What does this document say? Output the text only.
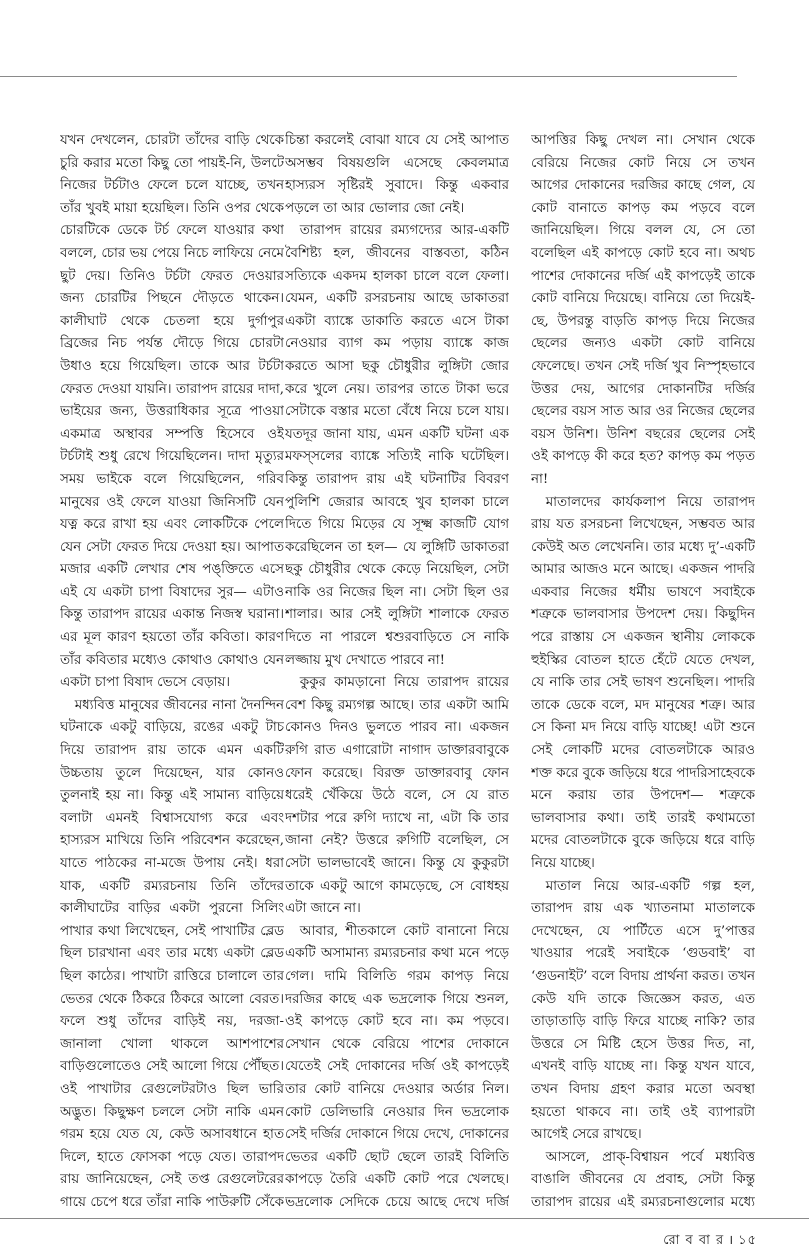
যখন দেখলেন, চোরটা তাঁদের বাড়ি থেকে চুরি করার মতো কিছু তো পায়ই-নি, উলটে নিজের টর্চটাও ফেলে চলে যাচ্ছে, তখন তাঁর খুবই মায়া হয়েছিল। তিনি ওপর থেকে চোরটিকে ডেকে টর্চ ফেলে যাওয়ার কথা বললে, চোর ভয় পেয়ে নিচে লাফিয়ে নেমে ছুট দেয়। তিনিও টর্চটা ফেরত দেওয়ার জন্য চোরটির পিছনে দৌড়তে থাকেন। কালীঘাট থেকে চেতলা হয়ে দুর্গাপুর ব্রিজের নিচ পর্যন্ত দৌড়ে গিয়ে চোরটা উধাও হয়ে গিয়েছিল। তাকে আর টর্চটা ফেরত দেওয়া যায়নি। তারাপদ রায়ের দাদা, ভাইয়ের জন্য, উত্তরাধিকার সূত্রে পাওয়া একমাত্র অস্থাবর সম্পত্তি হিসেবে ওই টর্চটাই শুধু রেখে গিয়েছিলেন। দাদা মৃত্যুর সময় ভাইকে বলে গিয়েছিলেন, গরিব মানুষের ওই ফেলে যাওয়া জিনিসটি যেন যত্ন করে রাখা হয় এবং লোকটিকে পেলে যেন সেটা ফেরত দিয়ে দেওয়া হয়। আপাত মজার একটি লেখার শেষ পঙ্‌ক্তিতে এসে এই যে একটা চাপা বিষাদের সুর— এটাও কিন্তু তারাপদ রায়ের একান্ত নিজস্ব ঘরানা। এর মূল কারণ হয়তো তাঁর কবিতা। কারণ তাঁর কবিতার মধ্যেও কোথাও কোথাও যেন একটা চাপা বিষাদ ভেসে বেড়ায়।

মধ্যবিত্ত মানুষের জীবনের নানা দৈনন্দিন ঘটনাকে একটু বাড়িয়ে, রঙের একটু টাচ দিয়ে তারাপদ রায় তাকে এমন একটি উচ্চতায় তুলে দিয়েছেন, যার কোনও তুলনাই হয় না। কিন্তু এই সামান্য বাড়িয়ে বলাটা এমনই বিশ্বাসযোগ্য করে এবং হাস্যরস মাখিয়ে তিনি পরিবেশন করেছেন, যাতে পাঠকের না-মজে উপায় নেই। ধরা যাক, একটি রম্যরচনায় তিনি তাঁদের কালীঘাটের বাড়ির একটা পুরনো সিলিং পাখার কথা লিখেছেন, সেই পাখাটির ব্লেড ছিল চারখানা এবং তার মধ্যে একটা ব্লেড ছিল কাঠের। পাখাটা রাত্তিরে চালালে তার ভেতর থেকে ঠিকরে ঠিকরে আলো বেরত। ফলে শুধু তাঁদের বাড়িই নয়, দরজা-জানালা খোলা থাকলে আশপাশের বাড়িগুলোতেও সেই আলো গিয়ে পৌঁছত। ওই পাখাটার রেগুলেটরটাও ছিল ভারি অদ্ভুত। কিছুক্ষণ চললে সেটা নাকি এমন গরম হয়ে যেত যে, কেউ অসাবধানে হাত দিলে, হাতে ফোসকা পড়ে যেত। তারাপদ রায় জানিয়েছেন, সেই তপ্ত রেগুলেটরের গায়ে চেপে ধরে তাঁরা নাকি পাউরুটি সেঁকে

চিন্তা করলেই বোঝা যাবে যে সেই আপাত অসম্ভব বিষয়গুলি এসেছে কেবলমাত্র হাস্যরস সৃষ্টিরই সুবাদে। কিন্তু একবার পড়লে তা আর ভোলার জো নেই।

তারাপদ রায়ের রম্যগদ্যের আর-একটি বৈশিষ্ট্য হল, জীবনের বাস্তবতা, কঠিন সত্যিকে একদম হালকা চালে বলে ফেলা। যেমন, একটি রসরচনায় আছে ডাকাতরা একটা ব্যাঙ্কে ডাকাতি করতে এসে টাকা নেওয়ার ব্যাগ কম পড়ায় ব্যাঙ্কে কাজ করতে আসা ছকু চৌধুরীর লুঙ্গিটা জোর করে খুলে নেয়। তারপর তাতে টাকা ভরে সেটাকে বস্তার মতো বেঁধে নিয়ে চলে যায়। যতদূর জানা যায়, এমন একটি ঘটনা এক মফস্সলের ব্যাঙ্কে সত্যিই নাকি ঘটেছিল। কিন্তু তারাপদ রায় এই ঘটনাটির বিবরণ পুলিশি জেরার আবহে খুব হালকা চালে দিতে গিয়ে মিড়ের যে সূক্ষ্ম কাজটি যোগ করেছিলেন তা হল— যে লুঙ্গিটি ডাকাতরা ছকু চৌধুরীর থেকে কেড়ে নিয়েছিল, সেটা নাকি ওর নিজের ছিল না। সেটা ছিল ওর শালার। আর সেই লুঙ্গিটা শালাকে ফেরত দিতে না পারলে শ্বশুরবাড়িতে সে নাকি লজ্জায় মুখ দেখাতে পারবে না!

কুকুর কামড়ানো নিয়ে তারাপদ রায়ের বেশ কিছু রম্যগল্প আছে। তার একটা আমি কোনও দিনও ভুলতে পারব না। একজন রুগি রাত এগারোটা নাগাদ ডাক্তারবাবুকে ফোন করেছে। বিরক্ত ডাক্তারবাবু ফোন ধরেই খেঁকিয়ে উঠে বলে, সে যে রাত দশটার পরে রুগি দ্যাখে না, এটা কি তার জানা নেই? উত্তরে রুগিটি বলেছিল, সে সেটা ভালভাবেই জানে। কিন্তু যে কুকুরটা তাকে একটু আগে কামড়েছে, সে বোধহয় এটা জানে না।

আবার, শীতকালে কোট বানানো নিয়ে একটি অসামান্য রম্যরচনার কথা মনে পড়ে গেল। দামি বিলিতি গরম কাপড় নিয়ে দরজির কাছে এক ভদ্রলোক গিয়ে শুনল, ওই কাপড়ে কোট হবে না। কম পড়বে। সেখান থেকে বেরিয়ে পাশের দোকানে যেতেই সেই দোকানের দর্জি ওই কাপড়েই তার কোট বানিয়ে দেওয়ার অর্ডার নিল। কোট ডেলিভারি নেওয়ার দিন ভদ্রলোক সেই দর্জির দোকানে গিয়ে দেখে, দোকানের ভেতর একটি ছোট ছেলে তারই বিলিতি কাপড়ে তৈরি একটি কোট পরে খেলছে। ভদ্রলোক সেদিকে চেয়ে আছে দেখে দর্জি

আপত্তির কিছু দেখল না। সেখান থেকে বেরিয়ে নিজের কোট নিয়ে সে তখন আগের দোকানের দরজির কাছে গেল, যে কোট বানাতে কাপড় কম পড়বে বলে জানিয়েছিল। গিয়ে বলল যে, সে তো বলেছিল এই কাপড়ে কোট হবে না। অথচ পাশের দোকানের দর্জি এই কাপড়েই তাকে কোট বানিয়ে দিয়েছে। বানিয়ে তো দিয়েই-ছে, উপরন্তু বাড়তি কাপড় দিয়ে নিজের ছেলের জন্যও একটা কোট বানিয়ে ফেলেছে। তখন সেই দর্জি খুব নিস্পৃহভাবে উত্তর দেয়, আগের দোকানটির দর্জির ছেলের বয়স সাত আর ওর নিজের ছেলের বয়স উনিশ। উনিশ বছরের ছেলের সেই ওই কাপড়ে কী করে হত? কাপড় কম পড়ত না!

মাতালদের কার্যকলাপ নিয়ে তারাপদ রায় যত রসরচনা লিখেছেন, সম্ভবত আর কেউই অত লেখেননি। তার মধ্যে দু’-একটি আমার আজও মনে আছে। একজন পাদরি একবার নিজের ধর্মীয় ভাষণে সবাইকে শত্রুকে ভালবাসার উপদেশ দেয়। কিছুদিন পরে রাস্তায় সে একজন স্থানীয় লোককে হুইস্কির বোতল হাতে হেঁটে যেতে দেখল, যে নাকি তার সেই ভাষণ শুনেছিল। পাদরি তাকে ডেকে বলে, মদ মানুষের শত্রু। আর সে কিনা মদ নিয়ে বাড়ি যাচ্ছে! এটা শুনে সেই লোকটি মদের বোতলটাকে আরও শক্ত করে বুকে জড়িয়ে ধরে পাদরিসাহেবকে মনে করায় তার উপদেশ— শত্রুকে ভালবাসার কথা। তাই তারই কথামতো মদের বোতলটাকে বুকে জড়িয়ে ধরে বাড়ি নিয়ে যাচ্ছে।

মাতাল নিয়ে আর-একটি গল্প হল, তারাপদ রায় এক খ্যাতনামা মাতালকে দেখেছেন, যে পার্টিতে এসে দু’পাত্তর খাওয়ার পরেই সবাইকে ‘গুডবাই’ বা ‘গুডনাইট’ বলে বিদায় প্রার্থনা করত। তখন কেউ যদি তাকে জিজ্ঞেস করত, এত তাড়াতাড়ি বাড়ি ফিরে যাচ্ছে নাকি? তার উত্তরে সে মিষ্টি হেসে উত্তর দিত, না, এখনই বাড়ি যাচ্ছে না। কিন্তু যখন যাবে, তখন বিদায় গ্রহণ করার মতো অবস্থা হয়তো থাকবে না। তাই ওই ব্যাপারটা আগেই সেরে রাখছে।

আসলে, প্রাক্-বিশ্বায়ন পর্বে মধ্যবিত্ত বাঙালি জীবনের যে প্রবাহ, সেটা কিন্তু তারাপদ রায়ের এই রম্যরচনাগুলোর মধ্যে

রো ব বা র । ১৫
